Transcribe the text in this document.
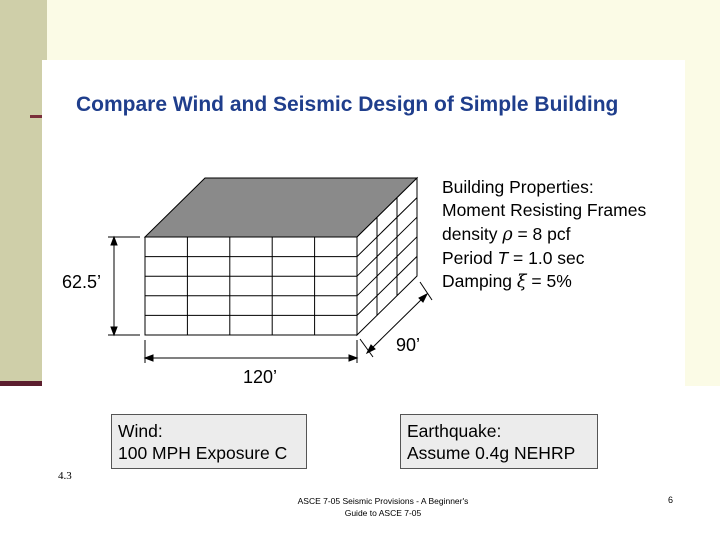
Compare Wind and Seismic Design of Simple Building
62.5’
90’
120’
Building Properties:
Moment Resisting Frames
density ρ = 8 pcf
Period T = 1.0 sec
Damping ξ = 5%
Wind:
100 MPH Exposure C
Earthquake:
Assume 0.4g NEHRP
4.3
ASCE 7-05 Seismic Provisions - A Beginner's
Guide to ASCE 7-05
6
